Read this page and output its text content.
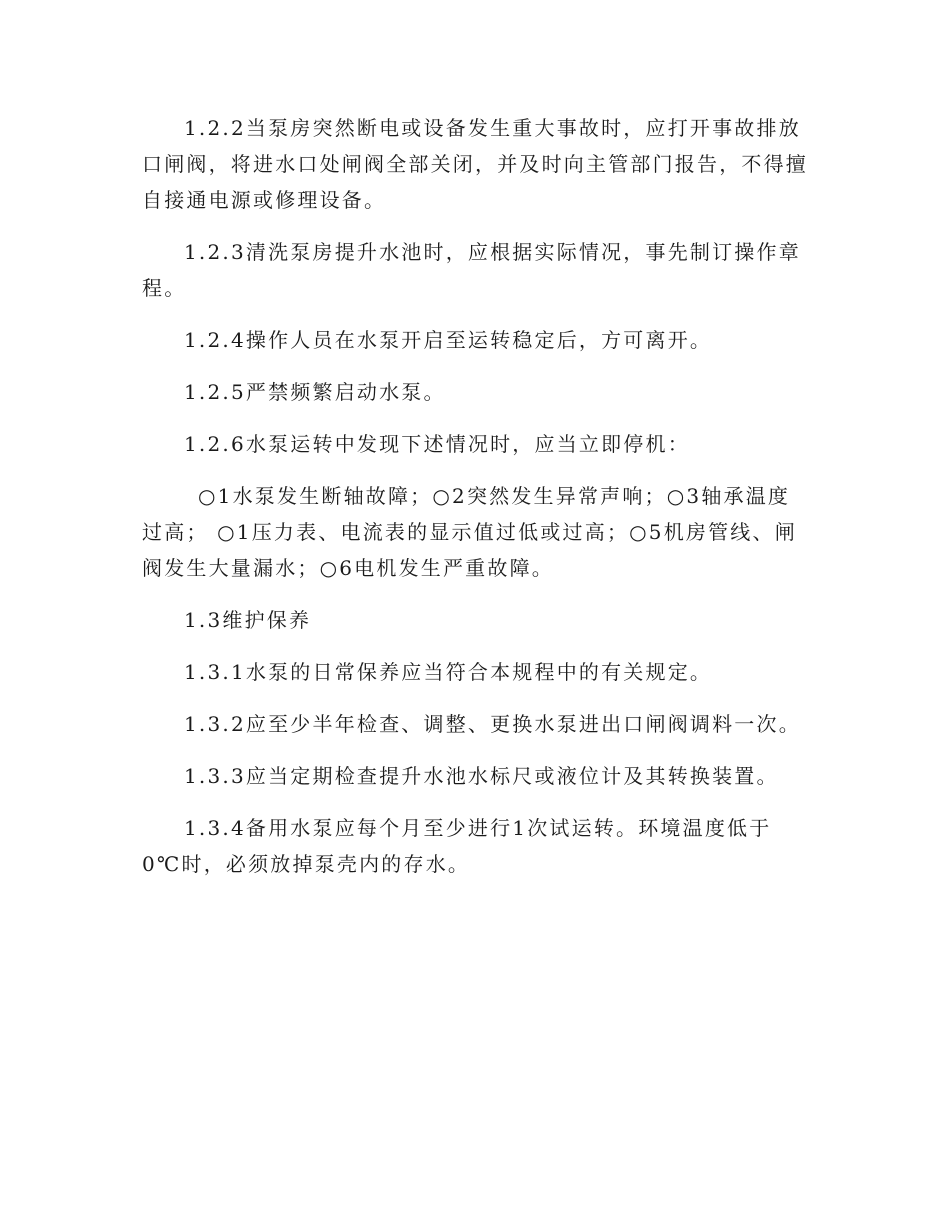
1.2.2当泵房突然断电或设备发生重大事故时，应打开事故排放口闸阀，将进水口处闸阀全部关闭，并及时向主管部门报告，不得擅自接通电源或修理设备。

1.2.3清洗泵房提升水池时，应根据实际情况，事先制订操作章程。

1.2.4操作人员在水泵开启至运转稳定后，方可离开。

1.2.5严禁频繁启动水泵。

1.2.6水泵运转中发现下述情况时，应当立即停机：

○1水泵发生断轴故障；○2突然发生异常声响；○3轴承温度过高； ○1压力表、电流表的显示值过低或过高；○5机房管线、闸阀发生大量漏水；○6电机发生严重故障。

1.3维护保养

1.3.1水泵的日常保养应当符合本规程中的有关规定。

1.3.2应至少半年检查、调整、更换水泵进出口闸阀调料一次。

1.3.3应当定期检查提升水池水标尺或液位计及其转换装置。

1.3.4备用水泵应每个月至少进行1次试运转。环境温度低于0℃时，必须放掉泵壳内的存水。
